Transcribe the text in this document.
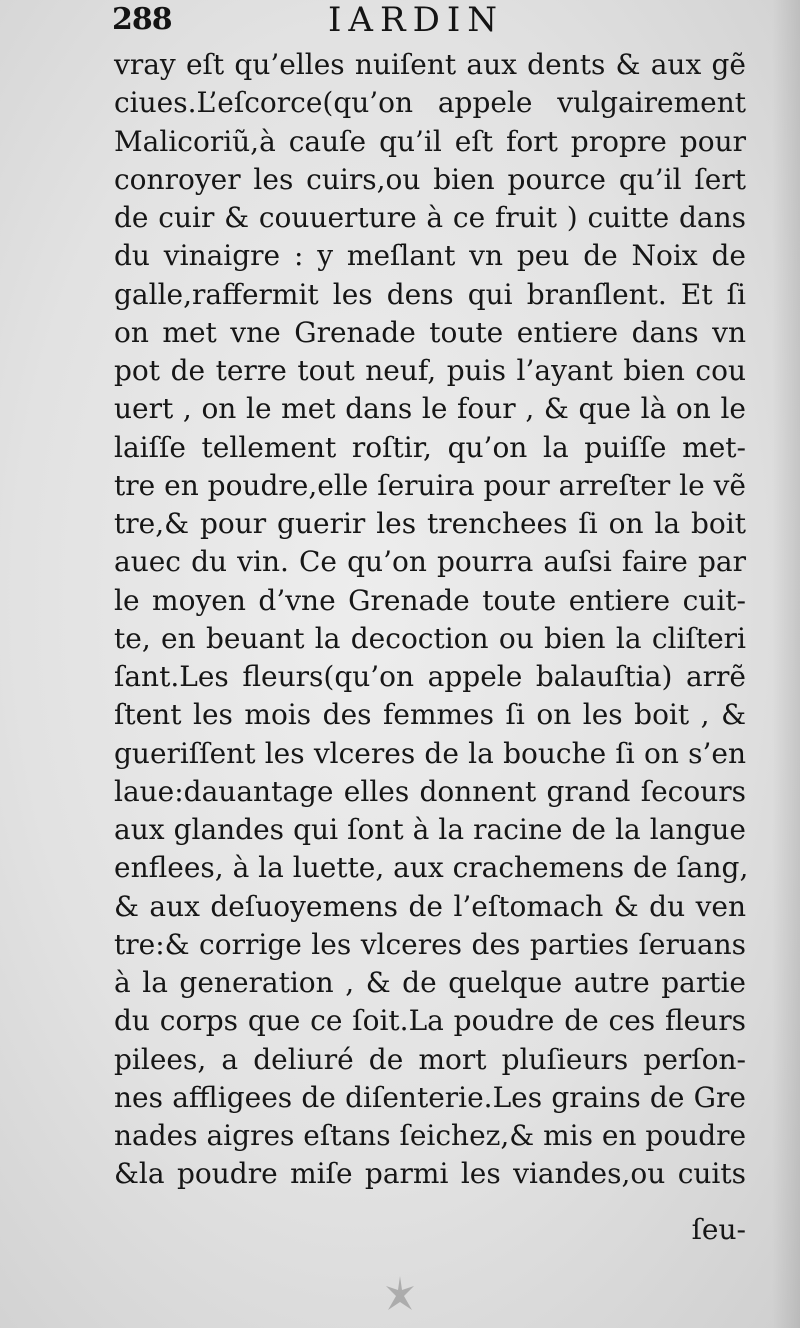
288	IARDIN
vray eſt qu’elles nuiſent aux dents & aux gẽ
ciues.L’eſcorce(qu’on appele vulgairement
Malicoriũ,à cauſe qu’il eſt fort propre pour
conroyer les cuirs,ou bien pource qu’il ſert
de cuir & couuerture à ce fruit ) cuitte dans
du vinaigre : y meſlant vn peu de Noix de
galle,raffermit les dens qui branſlent. Et ſi
on met vne Grenade toute entiere dans vn
pot de terre tout neuf, puis l’ayant bien cou
uert , on le met dans le four , & que là on le
laiſſe tellement roſtir, qu’on la puiſſe met-
tre en poudre,elle ſeruira pour arreſter le vẽ
tre,& pour guerir les trenchees ſi on la boit
auec du vin. Ce qu’on pourra auſsi faire par
le moyen d’vne Grenade toute entiere cuit-
te, en beuant la decoction ou bien la cliſteri
ſant.Les fleurs(qu’on appele balauſtia) arrẽ
ſtent les mois des femmes ſi on les boit , &
gueriſſent les vlceres de la bouche ſi on s’en
laue:dauantage elles donnent grand ſecours
aux glandes qui ſont à la racine de la langue
enflees, à la luette, aux crachemens de ſang,
& aux deſuoyemens de l’eſtomach & du ven
tre:& corrige les vlceres des parties ſeruans
à la generation , & de quelque autre partie
du corps que ce ſoit.La poudre de ces fleurs
pilees, a deliuré de mort pluſieurs perſon-
nes affligees de diſenterie.Les grains de Gre
nades aigres eſtans ſeichez,& mis en poudre
&la poudre miſe parmi les viandes,ou cuits
ſeu-
